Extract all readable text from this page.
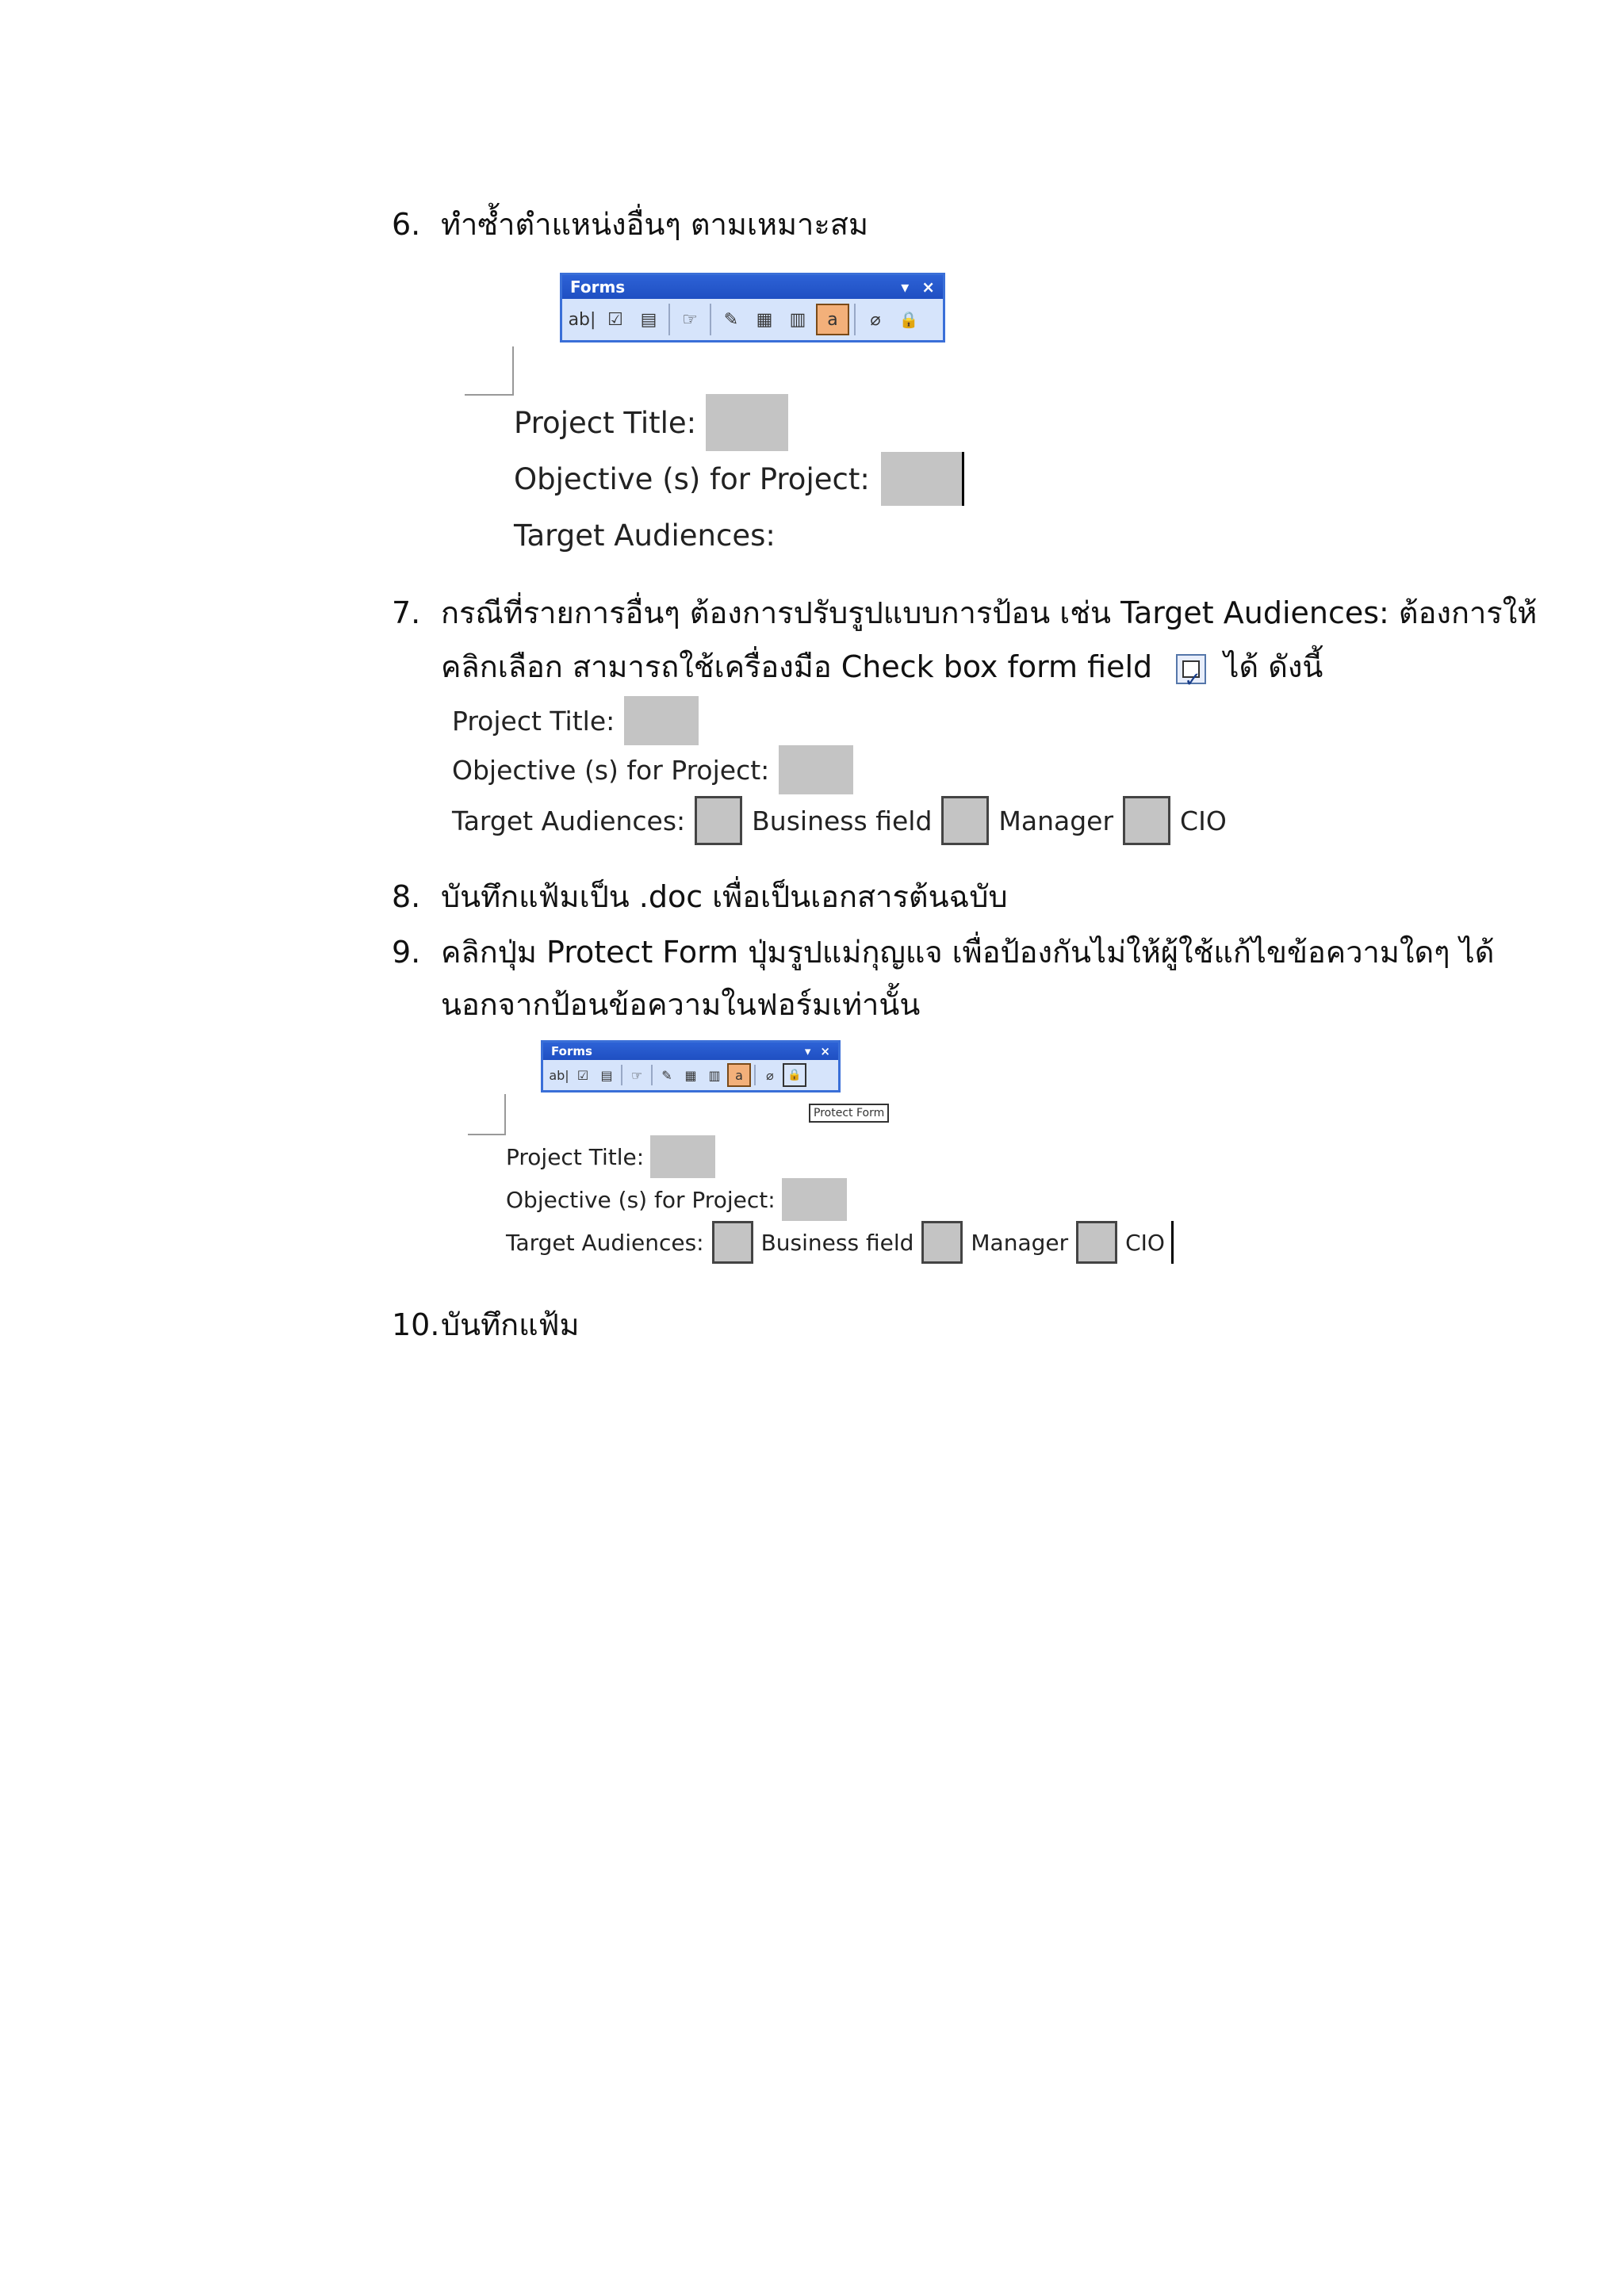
6. ทำซ้ำตำแหน่งอื่นๆ ตามเหมาะสม
Forms	▾ ×
ab| ☑ ▤	☞	✎	▦ ▥	a	⌀	🔒
Project Title:
Objective (s) for Project:
Target Audiences:
7. กรณีที่รายการอื่นๆ ต้องการปรับรูปแบบการป้อน เช่น Target Audiences: ต้องการให้
คลิกเลือก สามารถใช้เครื่องมือ Check box form field ✓ ได้ ดังนี้
Project Title:
Objective (s) for Project:
Target Audiences:	Business field	Manager	CIO
8. บันทึกแฟ้มเป็น .doc เพื่อเป็นเอกสารต้นฉบับ
9. คลิกปุ่ม Protect Form ปุ่มรูปแม่กุญแจ เพื่อป้องกันไม่ให้ผู้ใช้แก้ไขข้อความใดๆ ได้
นอกจากป้อนข้อความในฟอร์มเท่านั้น
Forms	▾ ×
ab| ☑ ▤	☞	✎ ▦ ▥	a	⌀	🔒
Protect Form
Project Title:
Objective (s) for Project:
Target Audiences:	Business field	Manager	CIO
10.บันทึกแฟ้ม
